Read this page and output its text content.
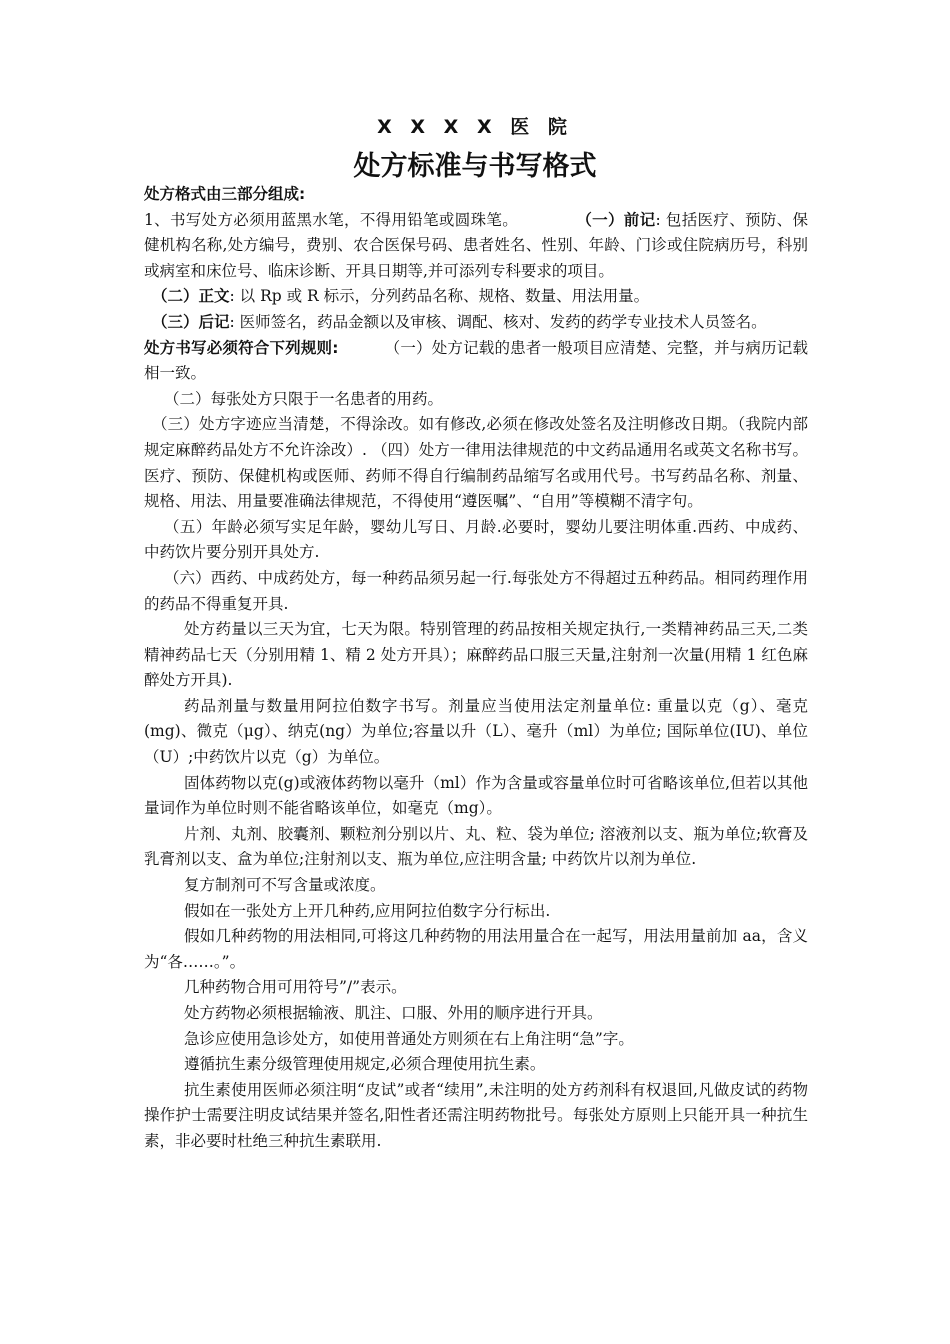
X X X X 医 院
处方标准与书写格式

处方格式由三部分组成:

1、书写处方必须用蓝黑水笔，不得用铅笔或圆珠笔。	（一）前记: 包括医疗、预防、保健机构名称,处方编号，费别、农合医保号码、患者姓名、性别、年龄、门诊或住院病历号，科别或病室和床位号、临床诊断、开具日期等,并可添列专科要求的项目。

（二）正文: 以 Rp 或 R 标示，分列药品名称、规格、数量、用法用量。

（三）后记: 医师签名，药品金额以及审核、调配、核对、发药的药学专业技术人员签名。

处方书写必须符合下列规则:	（一）处方记载的患者一般项目应清楚、完整，并与病历记载相一致。

（二）每张处方只限于一名患者的用药。

（三）处方字迹应当清楚，不得涂改。如有修改,必须在修改处签名及注明修改日期。（我院内部规定麻醉药品处方不允许涂改）. （四）处方一律用法律规范的中文药品通用名或英文名称书写。医疗、预防、保健机构或医师、药师不得自行编制药品缩写名或用代号。书写药品名称、剂量、规格、用法、用量要准确法律规范，不得使用“遵医嘱”、“自用”等模糊不清字句。

（五）年龄必须写实足年龄，婴幼儿写日、月龄.必要时，婴幼儿要注明体重.西药、中成药、中药饮片要分别开具处方.

（六）西药、中成药处方，每一种药品须另起一行.每张处方不得超过五种药品。相同药理作用的药品不得重复开具.

处方药量以三天为宜，七天为限。特别管理的药品按相关规定执行,一类精神药品三天,二类精神药品七天（分别用精 1、精 2 处方开具）；麻醉药品口服三天量,注射剂一次量(用精 1 红色麻醉处方开具).

药品剂量与数量用阿拉伯数字书写。剂量应当使用法定剂量单位: 重量以克（g）、毫克(mg)、微克（μg）、纳克(ng）为单位;容量以升（L）、毫升（ml）为单位; 国际单位(IU)、单位（U）;中药饮片以克（g）为单位。

固体药物以克(g)或液体药物以毫升（ml）作为含量或容量单位时可省略该单位,但若以其他量词作为单位时则不能省略该单位，如毫克（mg）。

片剂、丸剂、胶囊剂、颗粒剂分别以片、丸、粒、袋为单位; 溶液剂以支、瓶为单位;软膏及乳膏剂以支、盒为单位;注射剂以支、瓶为单位,应注明含量; 中药饮片以剂为单位.

复方制剂可不写含量或浓度。

假如在一张处方上开几种药,应用阿拉伯数字分行标出.

假如几种药物的用法相同,可将这几种药物的用法用量合在一起写，用法用量前加 aa，含义为“各……。”。

几种药物合用可用符号”/”表示。

处方药物必须根据输液、肌注、口服、外用的顺序进行开具。

急诊应使用急诊处方，如使用普通处方则须在右上角注明“急”字。

遵循抗生素分级管理使用规定,必须合理使用抗生素。

抗生素使用医师必须注明“皮试”或者“续用”,未注明的处方药剂科有权退回,凡做皮试的药物操作护士需要注明皮试结果并签名,阳性者还需注明药物批号。每张处方原则上只能开具一种抗生素，非必要时杜绝三种抗生素联用.
